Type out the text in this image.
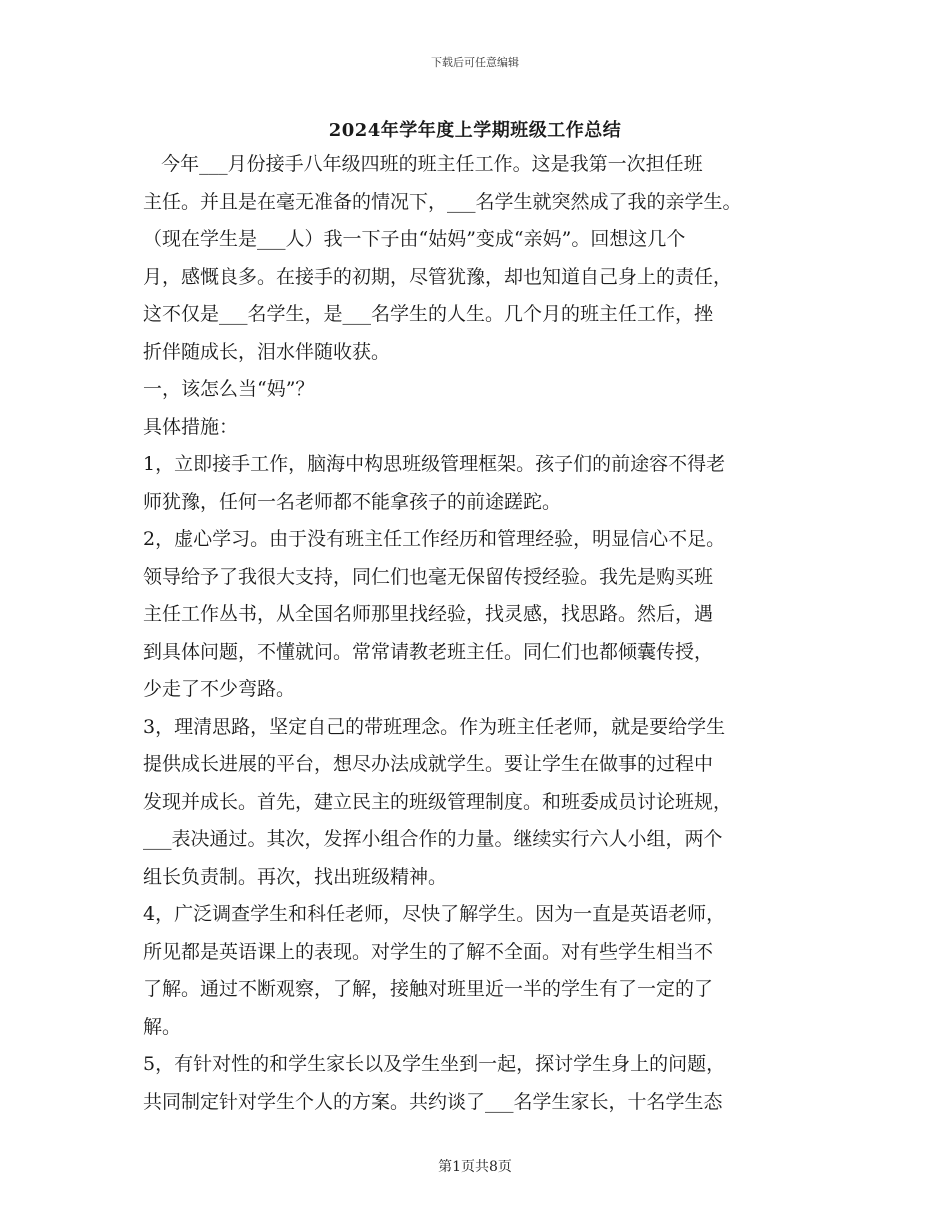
下载后可任意编辑
2024年学年度上学期班级工作总结
今年___月份接手八年级四班的班主任工作。这是我第一次担任班
主任。并且是在毫无准备的情况下，___名学生就突然成了我的亲学生。
（现在学生是___人）我一下子由“姑妈”变成“亲妈”。回想这几个
月，感慨良多。在接手的初期，尽管犹豫，却也知道自己身上的责任，
这不仅是___名学生，是___名学生的人生。几个月的班主任工作，挫
折伴随成长，泪水伴随收获。
一，该怎么当“妈”？
具体措施：
1，立即接手工作，脑海中构思班级管理框架。孩子们的前途容不得老
师犹豫，任何一名老师都不能拿孩子的前途蹉跎。
2，虚心学习。由于没有班主任工作经历和管理经验，明显信心不足。
领导给予了我很大支持，同仁们也毫无保留传授经验。我先是购买班
主任工作丛书，从全国名师那里找经验，找灵感，找思路。然后，遇
到具体问题，不懂就问。常常请教老班主任。同仁们也都倾囊传授，
少走了不少弯路。
3，理清思路，坚定自己的带班理念。作为班主任老师，就是要给学生
提供成长进展的平台，想尽办法成就学生。要让学生在做事的过程中
发现并成长。首先，建立民主的班级管理制度。和班委成员讨论班规，
___表决通过。其次，发挥小组合作的力量。继续实行六人小组，两个
组长负责制。再次，找出班级精神。
4，广泛调查学生和科任老师，尽快了解学生。因为一直是英语老师，
所见都是英语课上的表现。对学生的了解不全面。对有些学生相当不
了解。通过不断观察，了解，接触对班里近一半的学生有了一定的了
解。
5，有针对性的和学生家长以及学生坐到一起，探讨学生身上的问题，
共同制定针对学生个人的方案。共约谈了___名学生家长，十名学生态
第1页共8页
